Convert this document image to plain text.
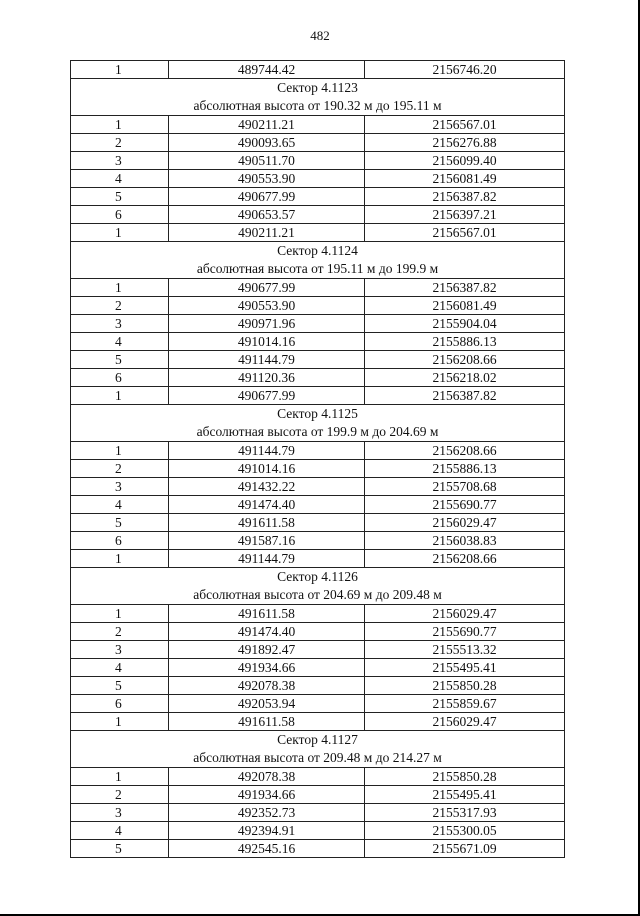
482
1	489744.42	2156746.20

Сектор 4.1123
абсолютная высота от 190.32 м до 195.11 м		

1	490211.21	2156567.01
2	490093.65	2156276.88
3	490511.70	2156099.40
4	490553.90	2156081.49
5	490677.99	2156387.82
6	490653.57	2156397.21
1	490211.21	2156567.01

Сектор 4.1124
абсолютная высота от 195.11 м до 199.9 м		

1	490677.99	2156387.82
2	490553.90	2156081.49
3	490971.96	2155904.04
4	491014.16	2155886.13
5	491144.79	2156208.66
6	491120.36	2156218.02
1	490677.99	2156387.82

Сектор 4.1125
абсолютная высота от 199.9 м до 204.69 м		

1	491144.79	2156208.66
2	491014.16	2155886.13
3	491432.22	2155708.68
4	491474.40	2155690.77
5	491611.58	2156029.47
6	491587.16	2156038.83
1	491144.79	2156208.66

Сектор 4.1126
абсолютная высота от 204.69 м до 209.48 м		

1	491611.58	2156029.47
2	491474.40	2155690.77
3	491892.47	2155513.32
4	491934.66	2155495.41
5	492078.38	2155850.28
6	492053.94	2155859.67
1	491611.58	2156029.47

Сектор 4.1127
абсолютная высота от 209.48 м до 214.27 м		

1	492078.38	2155850.28
2	491934.66	2155495.41
3	492352.73	2155317.93
4	492394.91	2155300.05
5	492545.16	2155671.09
